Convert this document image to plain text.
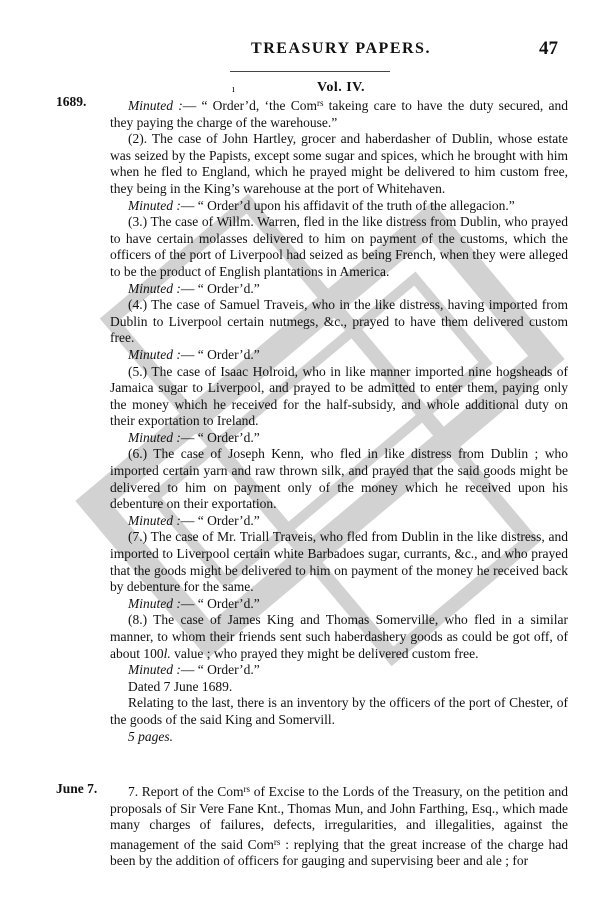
TREASURY PAPERS.	47
ı	Vol. IV.
1689.
June 7.

Minuted :— “ Order’d, ‘the Com$^{rs}$ takeing care to have the duty secured, and they paying the charge of the warehouse.”

(2). The case of John Hartley, grocer and haberdasher of Dublin, whose estate was seized by the Papists, except some sugar and spices, which he brought with him when he fled to England, which he prayed might be delivered to him custom free, they being in the King’s warehouse at the port of Whitehaven.

Minuted :— “ Order’d upon his affidavit of the truth of the allegacion.”

(3.) The case of Willm. Warren, fled in the like distress from Dublin, who prayed to have certain molasses delivered to him on payment of the customs, which the officers of the port of Liverpool had seized as being French, when they were alleged to be the product of English plantations in America.

Minuted :— “ Order’d.”

(4.) The case of Samuel Traveis, who in the like distress, having imported from Dublin to Liverpool certain nutmegs, &c., prayed to have them delivered custom free.

Minuted :— “ Order’d.”

(5.) The case of Isaac Holroid, who in like manner imported nine hogsheads of Jamaica sugar to Liverpool, and prayed to be admitted to enter them, paying only the money which he received for the half-subsidy, and whole additional duty on their exportation to Ireland.

Minuted :— “ Order’d.”

(6.) The case of Joseph Kenn, who fled in like distress from Dublin ; who imported certain yarn and raw thrown silk, and prayed that the said goods might be delivered to him on payment only of the money which he received upon his debenture on their exportation.

Minuted :— “ Order’d.”

(7.) The case of Mr. Triall Traveis, who fled from Dublin in the like distress, and imported to Liverpool certain white Barbadoes sugar, currants, &c., and who prayed that the goods might be delivered to him on payment of the money he received back by debenture for the same.

Minuted :— “ Order’d.”

(8.) The case of James King and Thomas Somerville, who fled in a similar manner, to whom their friends sent such haberdashery goods as could be got off, of about 100l. value ; who prayed they might be delivered custom free.

Minuted :— “ Order’d.”

Dated 7 June 1689.

Relating to the last, there is an inventory by the officers of the port of Chester, of the goods of the said King and Somervill.

5 pages.

7. Report of the Com$^{rs}$ of Excise to the Lords of the Treasury, on the petition and proposals of Sir Vere Fane Knt., Thomas Mun, and John Farthing, Esq., which made many charges of failures, defects, irregularities, and illegalities, against the management of the said Com$^{rs}$ : replying that the great increase of the charge had been by the addition of officers for gauging and supervising beer and ale ; for
